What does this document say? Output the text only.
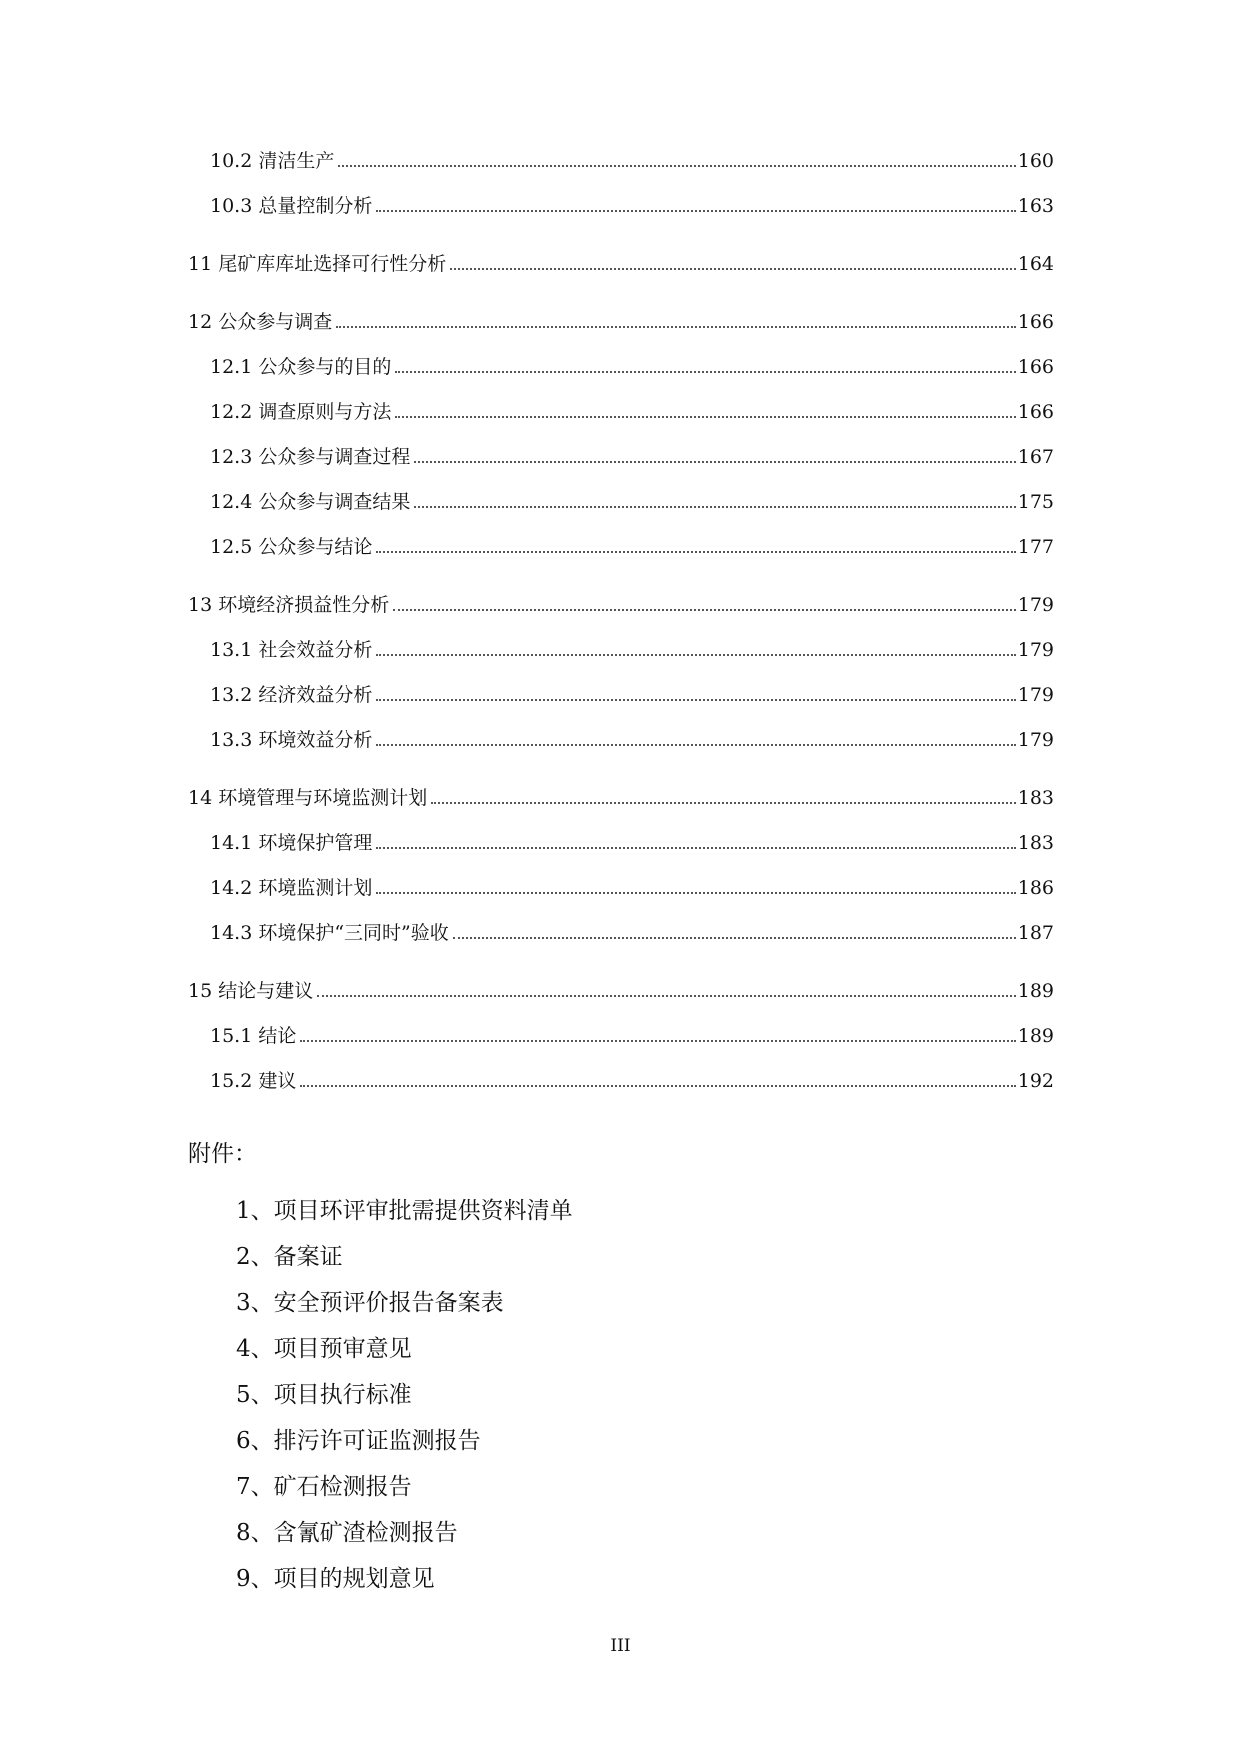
10.2 清洁生产	160
10.3 总量控制分析	163
11 尾矿库库址选择可行性分析	164
12 公众参与调查	166
12.1 公众参与的目的	166
12.2 调查原则与方法	166
12.3 公众参与调查过程	167
12.4 公众参与调查结果	175
12.5 公众参与结论	177
13 环境经济损益性分析	179
13.1 社会效益分析	179
13.2 经济效益分析	179
13.3 环境效益分析	179
14 环境管理与环境监测计划	183
14.1 环境保护管理	183
14.2 环境监测计划	186
14.3 环境保护“三同时”验收	187
15 结论与建议	189
15.1 结论	189
15.2 建议	192
附件：
1、项目环评审批需提供资料清单
2、备案证
3、安全预评价报告备案表
4、项目预审意见
5、项目执行标准
6、排污许可证监测报告
7、矿石检测报告
8、含氰矿渣检测报告
9、项目的规划意见
III
